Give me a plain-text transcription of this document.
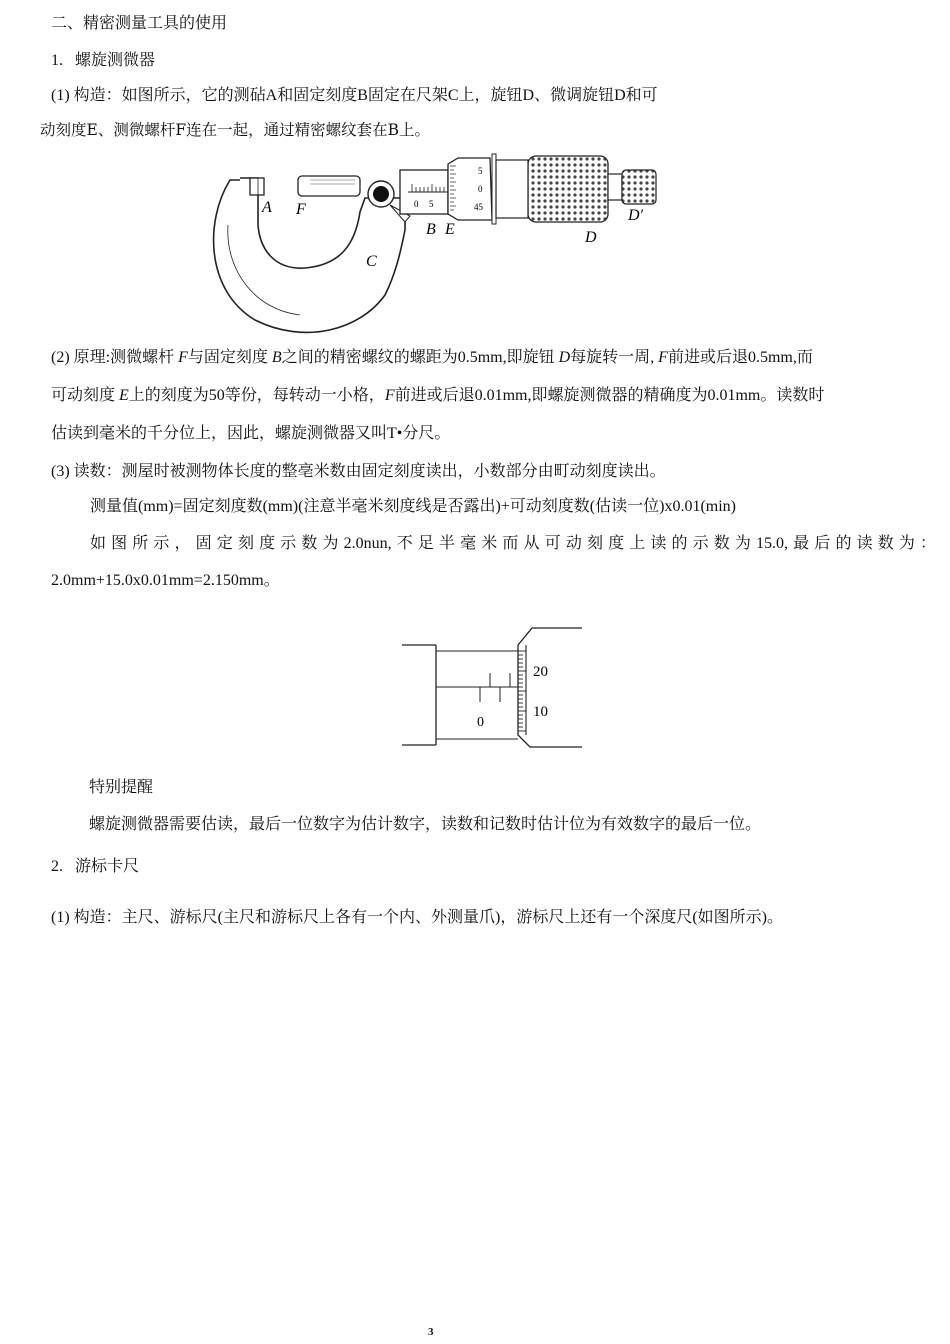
二、精密测量工具的使用
1. 螺旋测微器
(1) 构造：如图所示，它的测砧A和固定刻度B固定在尺架C上，旋钮D、微调旋钮D和可
动刻度E、测微螺杆F连在一起，通过精密螺纹套在B上。
0 5
5
0
45
A F
C
B E	D
D′
(2) 原理:测微螺杆 F与固定刻度 B之间的精密螺纹的螺距为0.5mm,即旋钮 D每旋转一周, F前进或后退0.5mm,而
可动刻度 E上的刻度为50等份，每转动一小格，F前进或后退0.01mm,即螺旋测微器的精确度为0.01mm。读数时
估读到毫米的千分位上，因此，螺旋测微器又叫T•分尺。
(3) 读数：测屋时被测物体长度的整亳米数由固定刻度读出，小数部分由町动刻度读出。
测量值(mm)=固定刻度数(mm)(注意半毫米刻度线是否露出)+可动刻度数(估读一位)x0.01(min)
如图所示，固定刻度示数为2.0nun,不足半毫米而从可动刻度上读的示数为15.0,最后的读数为：
2.0mm+15.0x0.01mm=2.150mm。
0
20
10
特别提醒
螺旋测微器需要估读，最后一位数字为估计数字，读数和记数时估计位为有效数字的最后一位。
2. 游标卡尺
(1) 构造：主尺、游标尺(主尺和游标尺上各有一个内、外测量爪)，游标尺上还有一个深度尺(如图所示)。
3
